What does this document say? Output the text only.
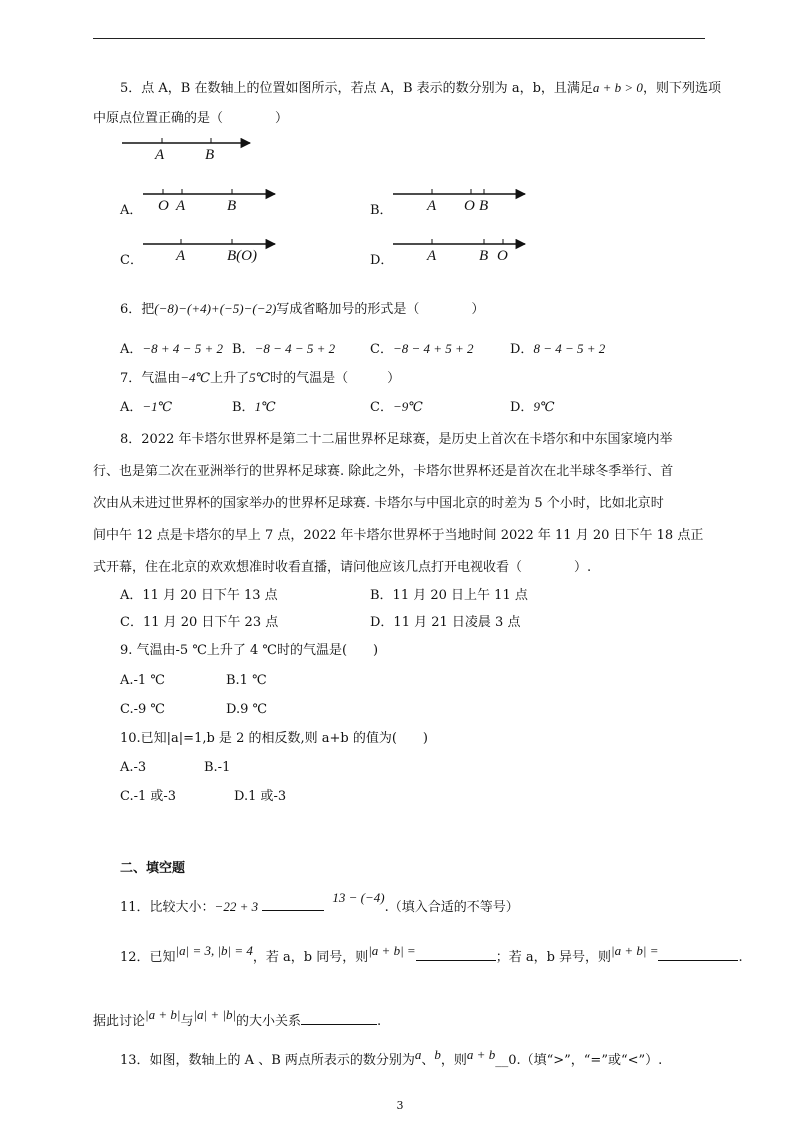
5．点 A，B 在数轴上的位置如图所示，若点 A，B 表示的数分别为 a，b，且满足a + b > 0，则下列选项
中原点位置正确的是（　　　　）
A	B
O A	B	A O B
A	B(O)	A	B O
A．	B．
C．	D．
6．把(−8)−(+4)+(−5)−(−2)写成省略加号的形式是（　　　　）
A．−8 + 4 − 5 + 2 B．−8 − 4 − 5 + 2	C．−8 − 4 + 5 + 2	D．8 − 4 − 5 + 2
7．气温由−4℃上升了5℃时的气温是（　　　）
A．−1℃	B．1℃	C．−9℃	D．9℃
8．2022 年卡塔尔世界杯是第二十二届世界杯足球赛，是历史上首次在卡塔尔和中东国家境内举
行、也是第二次在亚洲举行的世界杯足球赛. 除此之外，卡塔尔世界杯还是首次在北半球冬季举行、首
次由从未进过世界杯的国家举办的世界杯足球赛. 卡塔尔与中国北京的时差为 5 个小时，比如北京时
间中午 12 点是卡塔尔的早上 7 点，2022 年卡塔尔世界杯于当地时间 2022 年 11 月 20 日下午 18 点正
式开幕，住在北京的欢欢想准时收看直播，请问他应该几点打开电视收看（　　　　）.
A．11 月 20 日下午 13 点	B．11 月 20 日上午 11 点
C．11 月 20 日下午 23 点	D．11 月 21 日凌晨 3 点
9. 气温由-5 ℃上升了 4 ℃时的气温是(　　)
A.-1 ℃	B.1 ℃
C.-9 ℃	D.9 ℃
10.已知|a|=1,b 是 2 的相反数,则 a+b 的值为(　　)
A.-3	B.-1
C.-1 或-3	D.1 或-3
二、填空题
11．比较大小：−22 + 3  13 − (−4).（填入合适的不等号）
12．已知|a| = 3, |b| = 4，若 a，b 同号，则|a + b| =	；若 a，b 异号，则|a + b| =	.
据此讨论|a + b|与|a| + |b|的大小关系	.
13．如图，数轴上的 A 、B 两点所表示的数分别为a、b，则a + b__0.（填“>”，“=”或“<”）.
3
